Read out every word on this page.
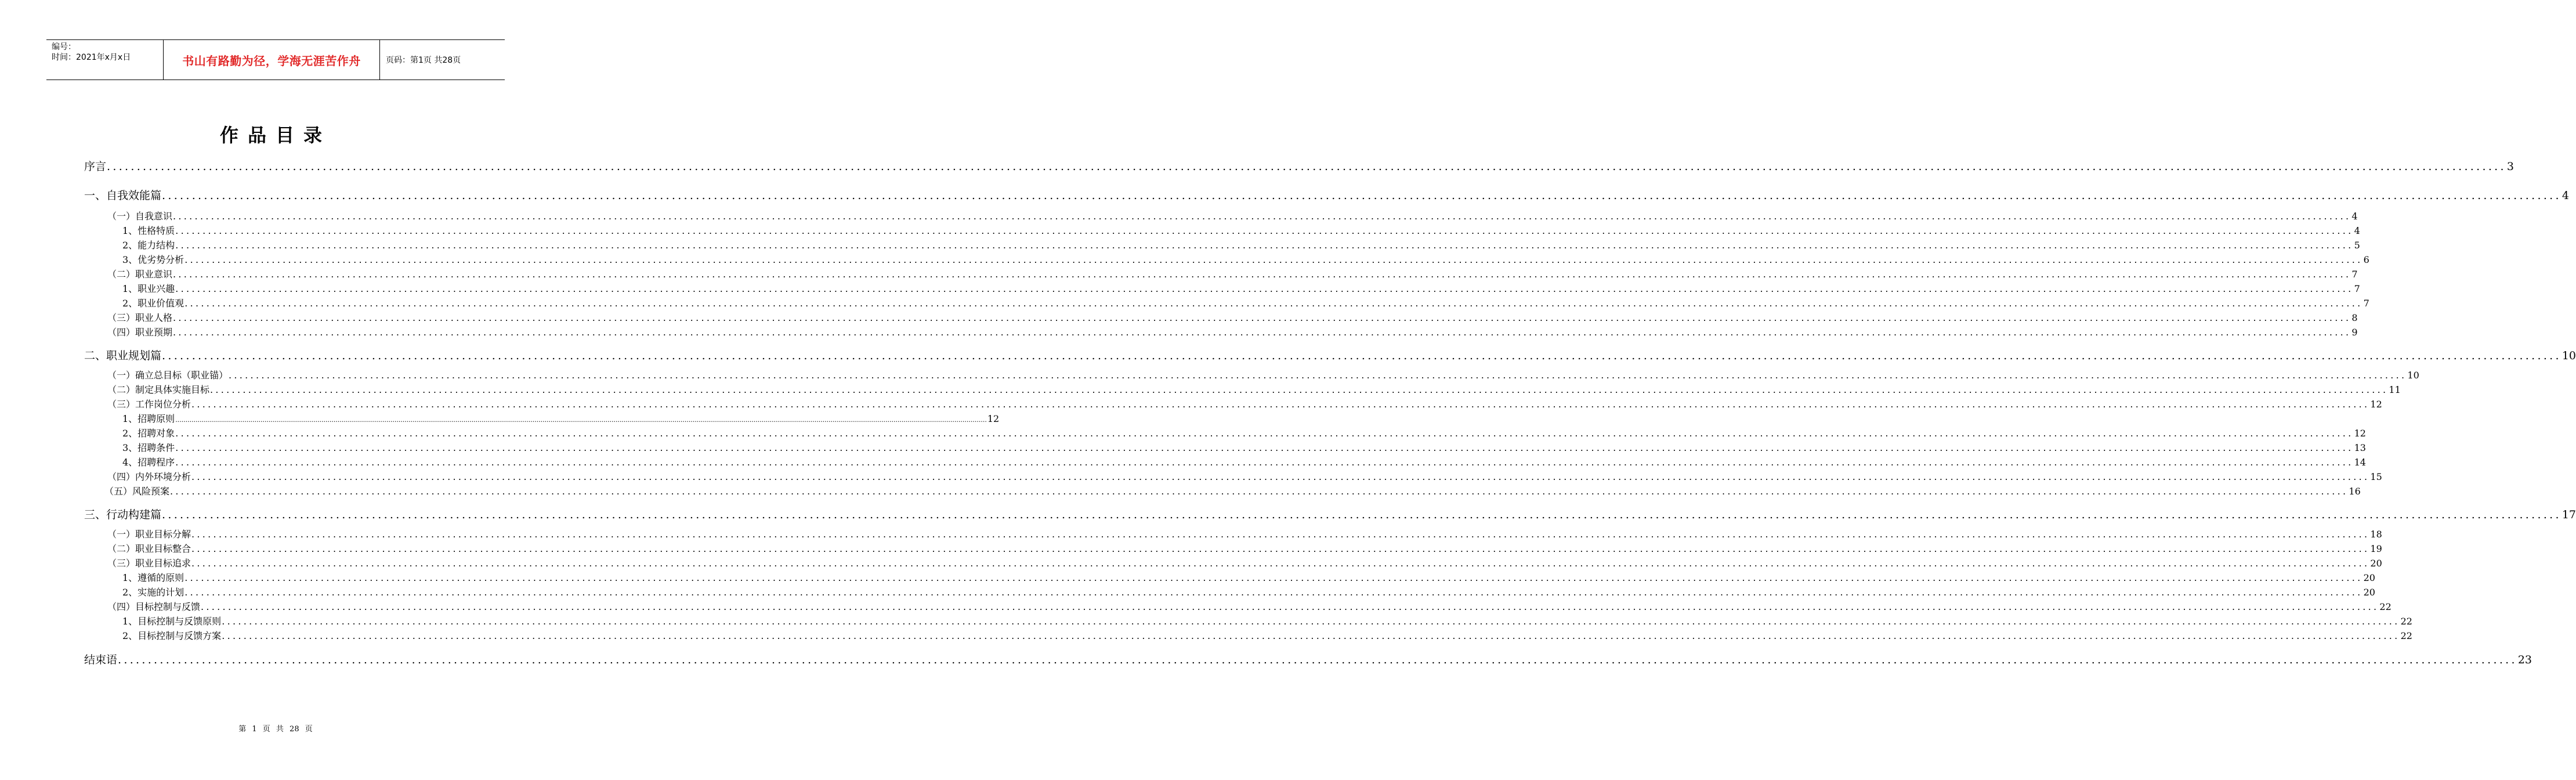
编号：
时间：2021年x月x日	书山有路勤为径，学海无涯苦作舟	页码：第1页 共28页
作品目录
序言 ................................................................................................................................................................................................................................................................................................................................................................................................................ 3
一、自我效能篇 ................................................................................................................................................................................................................................................................................................................................................................................................................ 4
（一）自我意识 ................................................................................................................................................................................................................................................................................................................................................................................................................ 4
1、性格特质 ................................................................................................................................................................................................................................................................................................................................................................................................................ 4
2、能力结构 ................................................................................................................................................................................................................................................................................................................................................................................................................ 5
3、优劣势分析 ................................................................................................................................................................................................................................................................................................................................................................................................................ 6
（二）职业意识 ................................................................................................................................................................................................................................................................................................................................................................................................................ 7
1、职业兴趣 ................................................................................................................................................................................................................................................................................................................................................................................................................ 7
2、职业价值观 ................................................................................................................................................................................................................................................................................................................................................................................................................ 7
（三）职业人格 ................................................................................................................................................................................................................................................................................................................................................................................................................ 8
（四）职业预期 ................................................................................................................................................................................................................................................................................................................................................................................................................ 9
二、职业规划篇 ................................................................................................................................................................................................................................................................................................................................................................................................................ 10
（一）确立总目标（职业锚） ................................................................................................................................................................................................................................................................................................................................................................................................................ 10
（二）制定具体实施目标 ................................................................................................................................................................................................................................................................................................................................................................................................................ 11
（三）工作岗位分析 ................................................................................................................................................................................................................................................................................................................................................................................................................ 12
1、招聘原则 ................................................................................................................................................................................................................................................................................................................................................................................................................ 12
2、招聘对象 ................................................................................................................................................................................................................................................................................................................................................................................................................ 12
3、招聘条件 ................................................................................................................................................................................................................................................................................................................................................................................................................ 13
4、招聘程序 ................................................................................................................................................................................................................................................................................................................................................................................................................ 14
（四）内外环境分析 ................................................................................................................................................................................................................................................................................................................................................................................................................ 15
（五）风险预案 ................................................................................................................................................................................................................................................................................................................................................................................................................ 16
三、行动构建篇 ................................................................................................................................................................................................................................................................................................................................................................................................................ 17
（一）职业目标分解 ................................................................................................................................................................................................................................................................................................................................................................................................................ 18
（二）职业目标整合 ................................................................................................................................................................................................................................................................................................................................................................................................................ 19
（三）职业目标追求 ................................................................................................................................................................................................................................................................................................................................................................................................................ 20
1、遵循的原则 ................................................................................................................................................................................................................................................................................................................................................................................................................ 20
2、实施的计划 ................................................................................................................................................................................................................................................................................................................................................................................................................ 20
（四）目标控制与反馈 ................................................................................................................................................................................................................................................................................................................................................................................................................ 22
1、目标控制与反馈原则 ................................................................................................................................................................................................................................................................................................................................................................................................................ 22
2、目标控制与反馈方案 ................................................................................................................................................................................................................................................................................................................................................................................................................ 22
结束语 ................................................................................................................................................................................................................................................................................................................................................................................................................ 23
第 1 页 共 28 页
